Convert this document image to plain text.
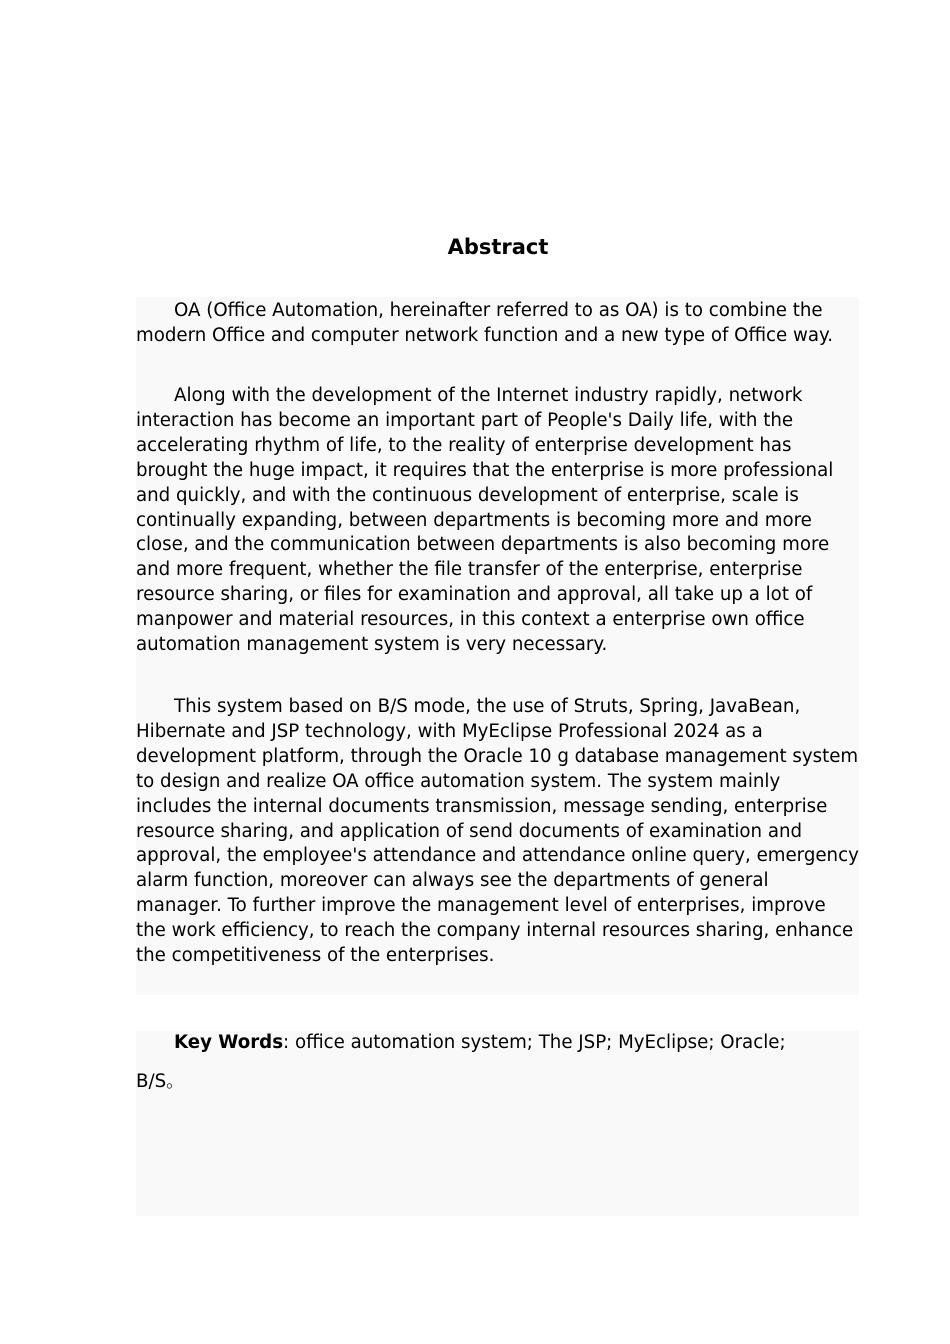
Abstract

OA (Office Automation, hereinafter referred to as OA) is to combine the modern Office and computer network function and a new type of Office way.

Along with the development of the Internet industry rapidly, network interaction has become an important part of People's Daily life, with the accelerating rhythm of life, to the reality of enterprise development has brought the huge impact, it requires that the enterprise is more professional and quickly, and with the continuous development of enterprise, scale is continually expanding, between departments is becoming more and more close, and the communication between departments is also becoming more and more frequent, whether the file transfer of the enterprise, enterprise resource sharing, or files for examination and approval, all take up a lot of manpower and material resources, in this context a enterprise own office automation management system is very necessary.

This system based on B/S mode, the use of Struts, Spring, JavaBean, Hibernate and JSP technology, with MyEclipse Professional 2024 as a development platform, through the Oracle 10 g database management system to design and realize OA office automation system. The system mainly includes the internal documents transmission, message sending, enterprise resource sharing, and application of send documents of examination and approval, the employee's attendance and attendance online query, emergency alarm function, moreover can always see the departments of general manager. To further improve the management level of enterprises, improve the work efficiency, to reach the company internal resources sharing, enhance the competitiveness of the enterprises.

Key Words: office automation system; The JSP; MyEclipse; Oracle;

B/S。
